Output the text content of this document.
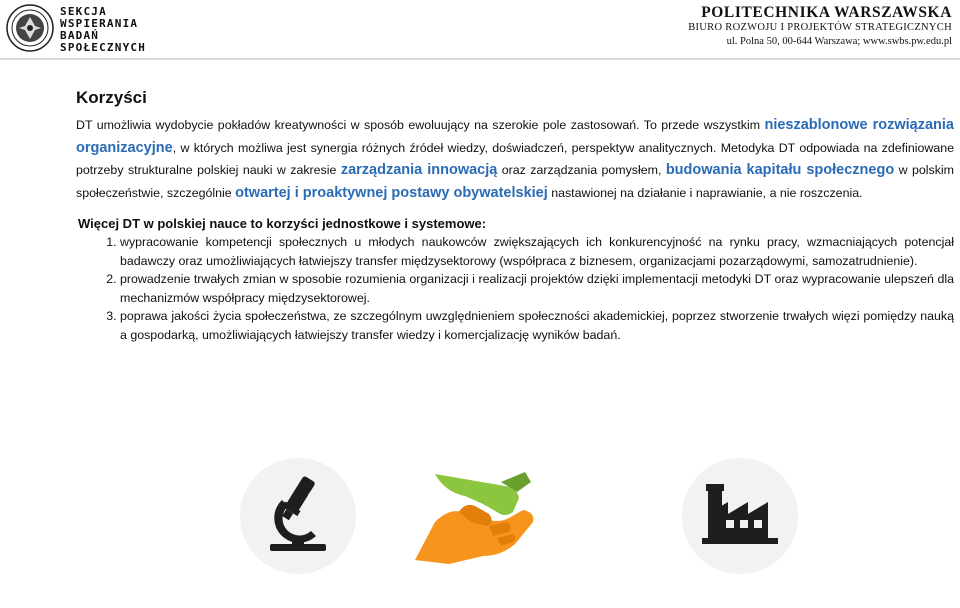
SEKCJA
WSPIERANIA
BADAŃ
SPOŁECZNYCH
POLITECHNIKA WARSZAWSKA
BIURO ROZWOJU I PROJEKTÓW STRATEGICZNYCH
ul. Polna 50, 00-644 Warszawa; www.swbs.pw.edu.pl
Korzyści

DT umożliwia wydobycie pokładów kreatywności w sposób ewoluujący na szerokie pole zastosowań. To przede wszystkim nieszablonowe rozwiązania organizacyjne, w których możliwa jest synergia różnych źródeł wiedzy, doświadczeń, perspektyw analitycznych. Metodyka DT odpowiada na zdefiniowane potrzeby strukturalne polskiej nauki w zakresie zarządzania innowacją oraz zarządzania pomysłem, budowania kapitału społecznego w polskim społeczeństwie, szczególnie otwartej i proaktywnej postawy obywatelskiej nastawionej na działanie i naprawianie, a nie roszczenia.

Więcej DT w polskiej nauce to korzyści jednostkowe i systemowe:
1. wypracowanie kompetencji społecznych u młodych naukowców zwiększających ich konkurencyjność na rynku pracy, wzmacniających potencjał badawczy oraz umożliwiających łatwiejszy transfer międzysektorowy (współpraca z biznesem, organizacjami pozarządowymi, samozatrudnienie).
2. prowadzenie trwałych zmian w sposobie rozumienia organizacji i realizacji projektów dzięki implementacji metodyki DT oraz wypracowanie ulepszeń dla mechanizmów współpracy międzysektorowej.
3. poprawa jakości życia społeczeństwa, ze szczególnym uwzględnieniem społeczności akademickiej, poprzez stworzenie trwałych więzi pomiędzy nauką a gospodarką, umożliwiających łatwiejszy transfer wiedzy i komercjalizację wyników badań.
